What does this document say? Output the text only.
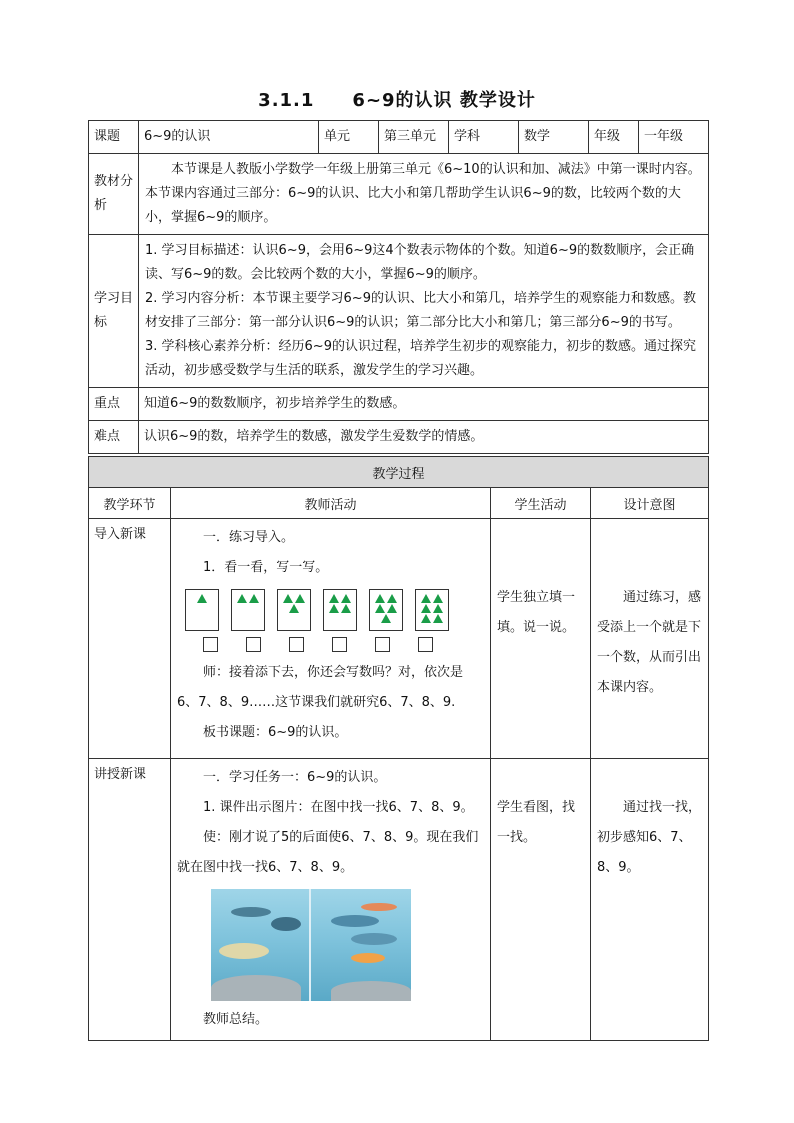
3.1.1　　6~9的认识 教学设计
课题	6~9的认识	单元	第三单元	学科	数学	年级	一年级
教材分析	本节课是人教版小学数学一年级上册第三单元《6~10的认识和加、减法》中第一课时内容。本节课内容通过三部分：6~9的认识、比大小和第几帮助学生认识6~9的数，比较两个数的大小，掌握6~9的顺序。						

学习目标	1. 学习目标描述：认识6~9，会用6~9这4个数表示物体的个数。知道6~9的数数顺序，会正确读、写6~9的数。会比较两个数的大小，掌握6~9的顺序。

2. 学习内容分析：本节课主要学习6~9的认识、比大小和第几，培养学生的观察能力和数感。教材安排了三部分：第一部分认识6~9的认识；第二部分比大小和第几；第三部分6~9的书写。

3. 学科核心素养分析：经历6~9的认识过程，培养学生初步的观察能力，初步的数感。通过探究活动，初步感受数学与生活的联系，激发学生的学习兴趣。						

重点	知道6~9的数数顺序，初步培养学生的数感。						
难点	认识6~9的数，培养学生的数感，激发学生爱数学的情感。						
教学过程			
教学环节	教师活动	学生活动	设计意图
导入新课	一．练习导入。

1．看一看，写一写。

师：接着添下去，你还会写数吗？对，依次是6、7、8、9……这节课我们就研究6、7、8、9.

板书课题：6~9的认识。	学生独立填一填。说一说。	通过练习，感受添上一个就是下一个数，从而引出本课内容。
讲授新课	一．学习任务一：6~9的认识。

1. 课件出示图片：在图中找一找6、7、8、9。

使：刚才说了5的后面使6、7、8、9。现在我们就在图中找一找6、7、8、9。

教师总结。	学生看图，找一找。	通过找一找，初步感知6、7、8、9。
